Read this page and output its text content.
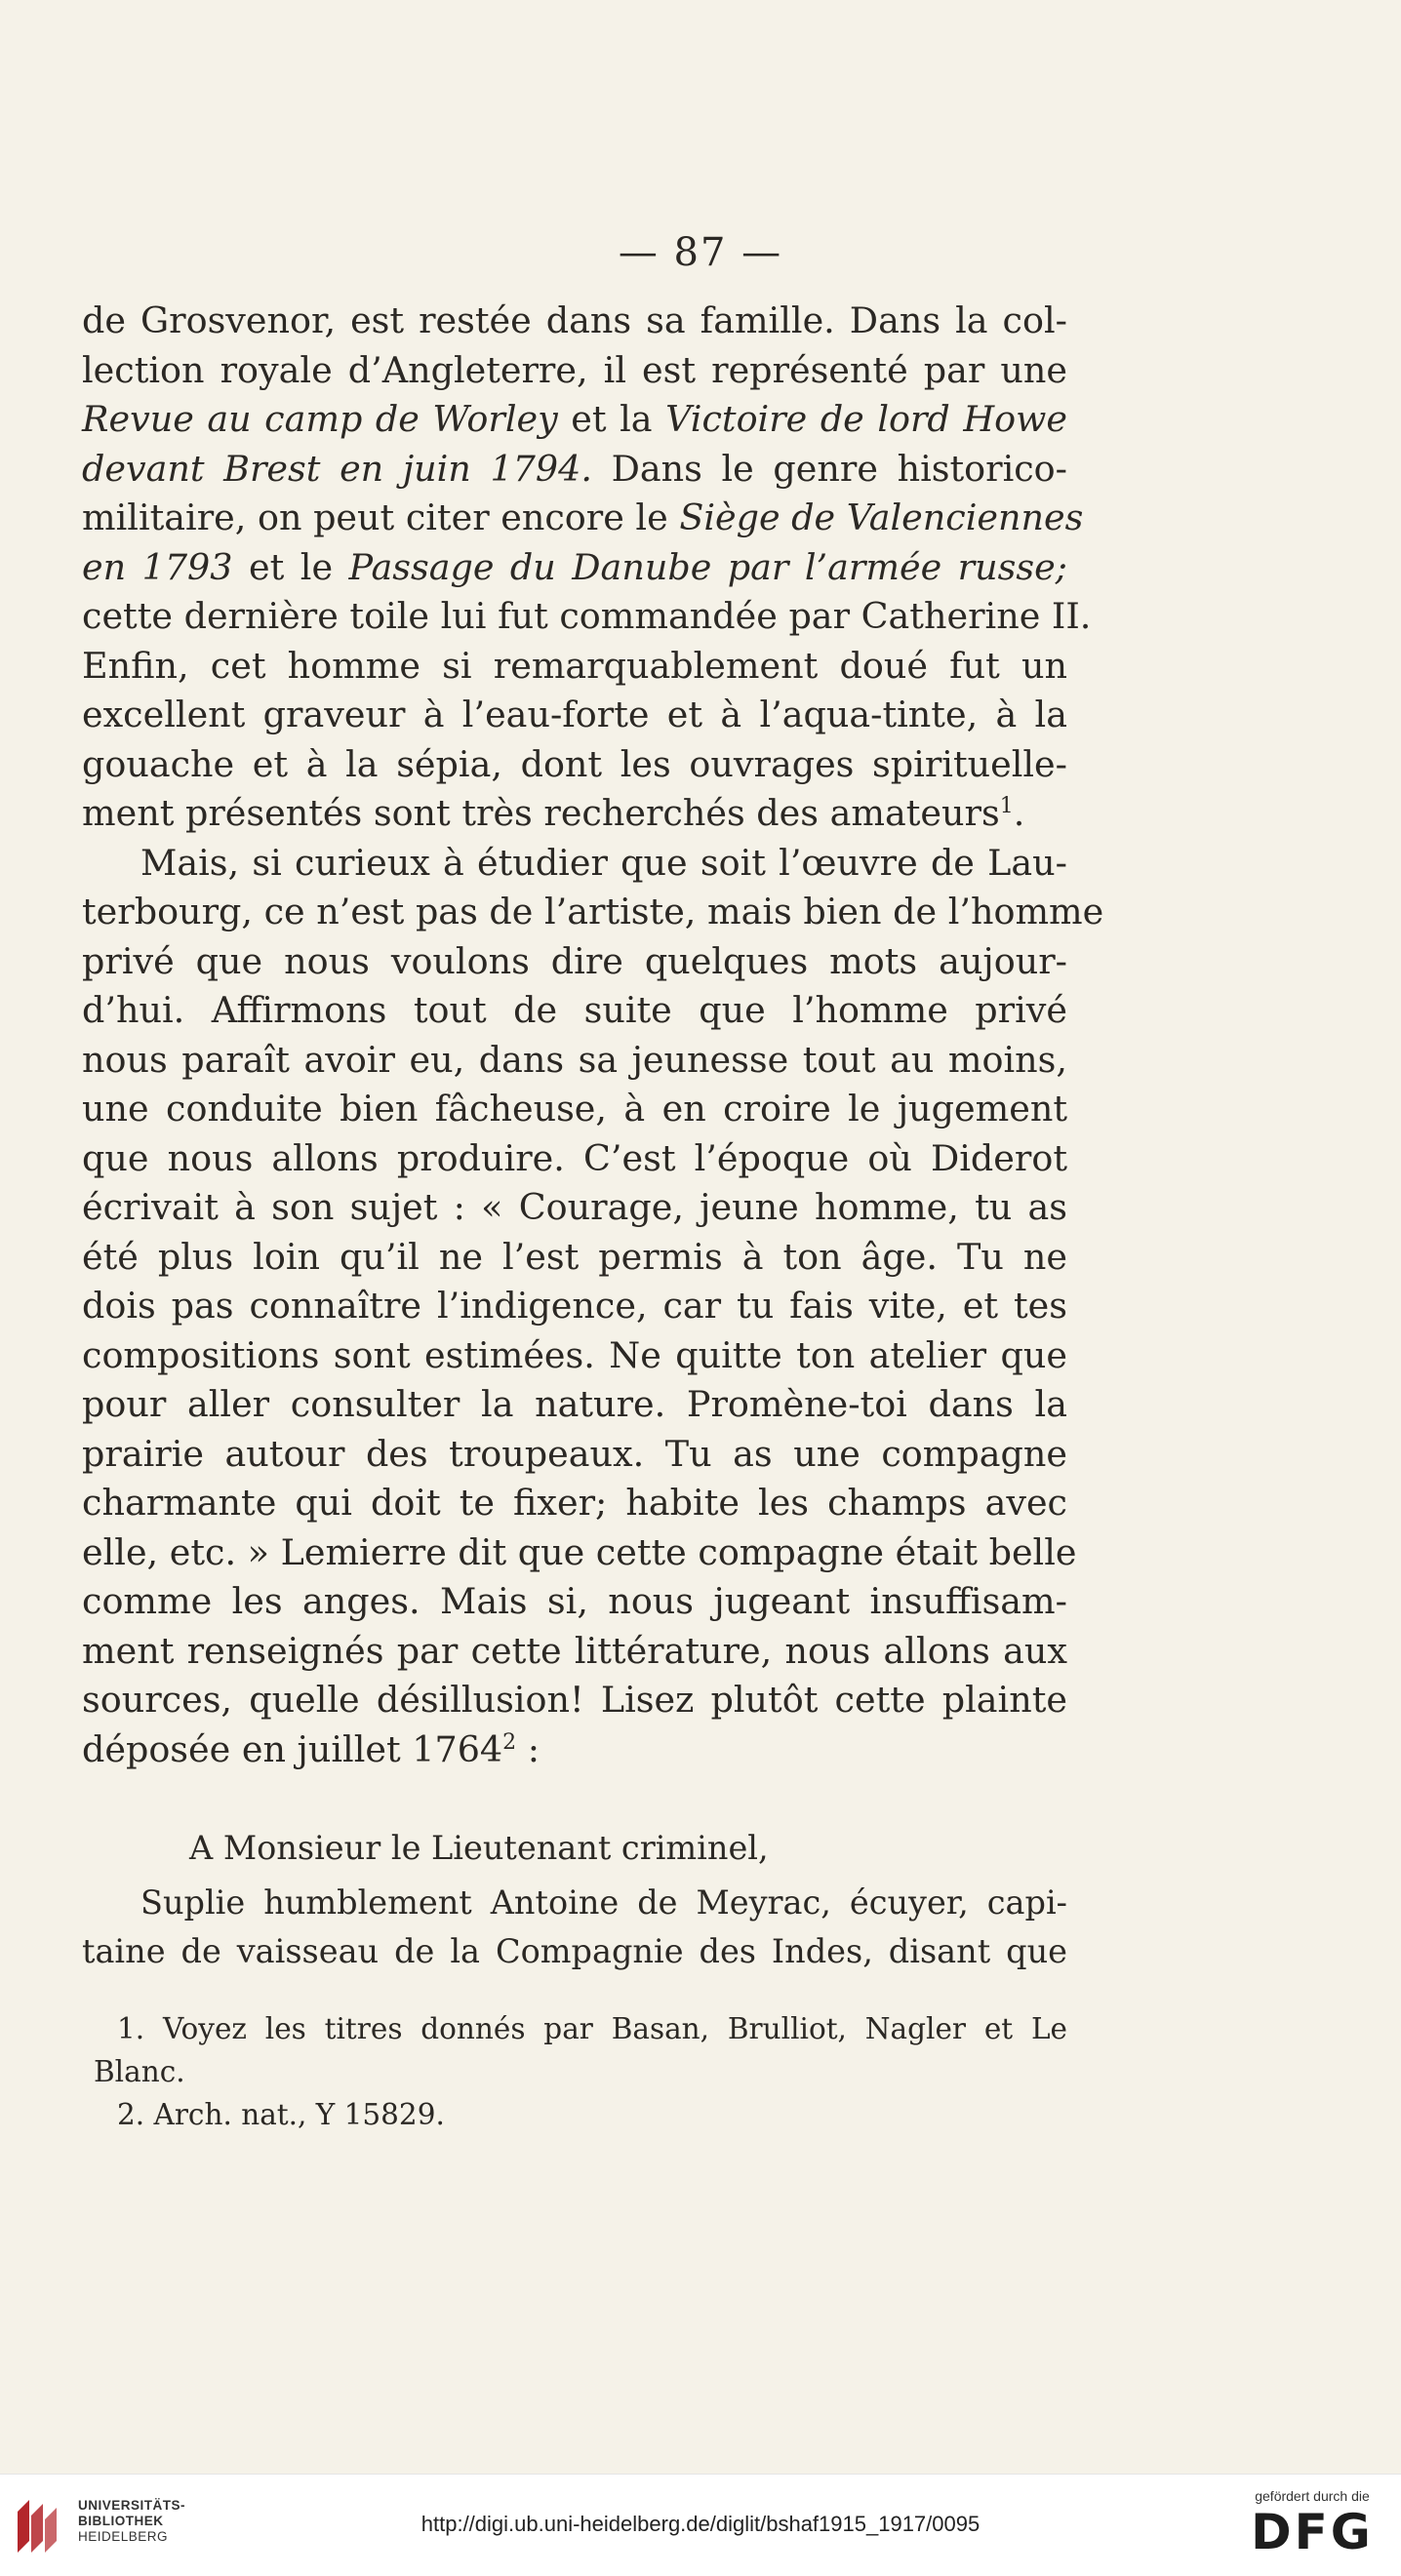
— 87 —
de Grosvenor, est restée dans sa famille. Dans la col-
lection royale d’Angleterre, il est représenté par une
Revue au camp de Worley et la Victoire de lord Howe
devant Brest en juin 1794. Dans le genre historico-
militaire, on peut citer encore le Siège de Valenciennes
en 1793 et le Passage du Danube par l’armée russe;
cette dernière toile lui fut commandée par Catherine II.
Enfin, cet homme si remarquablement doué fut un
excellent graveur à l’eau-forte et à l’aqua-tinte, à la
gouache et à la sépia, dont les ouvrages spirituelle-
ment présentés sont très recherchés des amateurs$^1$.
Mais, si curieux à étudier que soit l’œuvre de Lau-
terbourg, ce n’est pas de l’artiste, mais bien de l’homme
privé que nous voulons dire quelques mots aujour-
d’hui. Affirmons tout de suite que l’homme privé
nous paraît avoir eu, dans sa jeunesse tout au moins,
une conduite bien fâcheuse, à en croire le jugement
que nous allons produire. C’est l’époque où Diderot
écrivait à son sujet : « Courage, jeune homme, tu as
été plus loin qu’il ne l’est permis à ton âge. Tu ne
dois pas connaître l’indigence, car tu fais vite, et tes
compositions sont estimées. Ne quitte ton atelier que
pour aller consulter la nature. Promène-toi dans la
prairie autour des troupeaux. Tu as une compagne
charmante qui doit te fixer; habite les champs avec
elle, etc. » Lemierre dit que cette compagne était belle
comme les anges. Mais si, nous jugeant insuffisam-
ment renseignés par cette littérature, nous allons aux
sources, quelle désillusion! Lisez plutôt cette plainte
déposée en juillet 1764$^2$ :
A Monsieur le Lieutenant criminel,
Suplie humblement Antoine de Meyrac, écuyer, capi-
taine de vaisseau de la Compagnie des Indes, disant que
1. Voyez les titres donnés par Basan, Brulliot, Nagler et Le
Blanc.
2. Arch. nat., Y 15829.
UNIVERSITÄTS-
BIBLIOTHEK
HEIDELBERG
http://digi.ub.uni-heidelberg.de/diglit/bshaf1915_1917/0095
gefördert durch die
DFG
